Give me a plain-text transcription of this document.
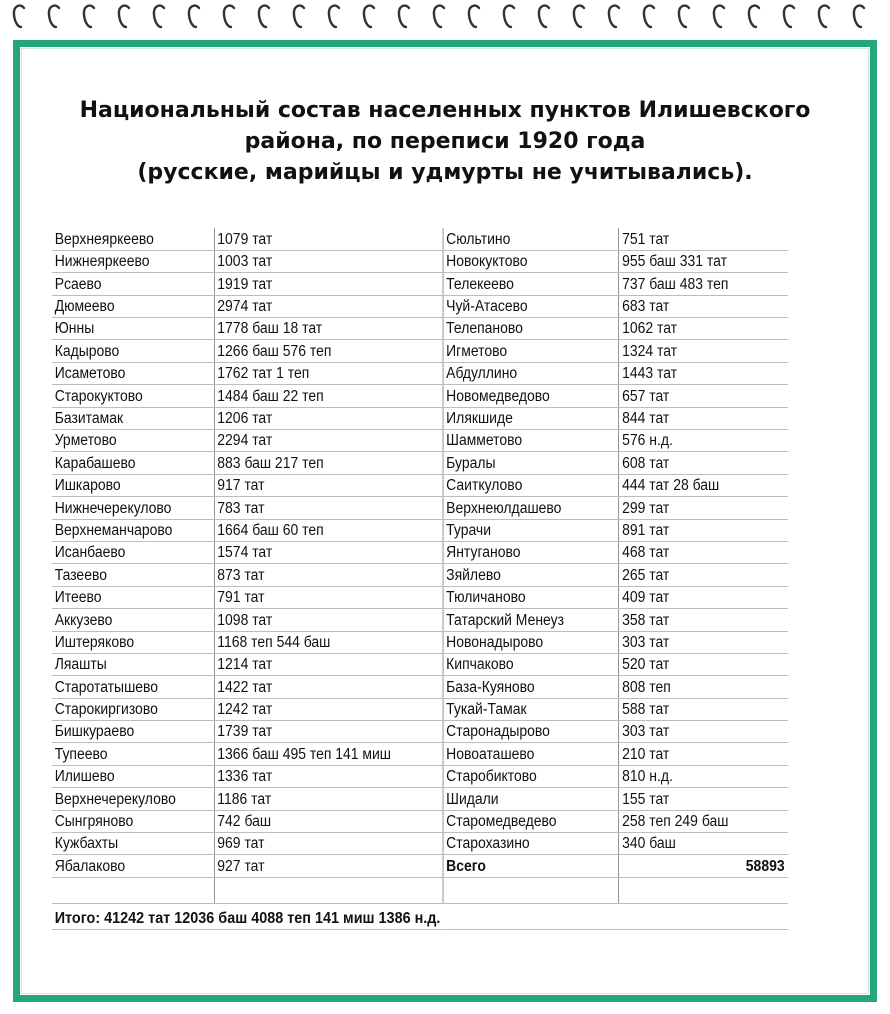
Национальный состав населенных пунктов Илишевского
района, по переписи 1920 года
(русские, марийцы и удмурты не учитывались).
Верхнеяркеево	1079 тат	Сюльтино	751 тат
Нижнеяркеево	1003 тат	Новокуктово	955 баш 331 тат
Рсаево	1919 тат	Телекеево	737 баш 483 теп
Дюмеево	2974 тат	Чуй-Атасево	683 тат
Юнны	1778 баш 18 тат	Телепаново	1062 тат
Кадырово	1266 баш 576 теп	Игметово	1324 тат
Исаметово	1762 тат 1 теп	Абдуллино	1443 тат
Старокуктово	1484 баш 22 теп	Новомедведово	657 тат
Базитамак	1206 тат	Илякшиде	844 тат
Урметово	2294 тат	Шамметово	576 н.д.
Карабашево	883 баш 217 теп	Буралы	608 тат
Ишкарово	917 тат	Саиткулово	444 тат 28 баш
Нижнечерекулово	783 тат	Верхнеюлдашево	299 тат
Верхнеманчарово	1664 баш 60 теп	Турачи	891 тат
Исанбаево	1574 тат	Янтуганово	468 тат
Тазеево	873 тат	Зяйлево	265 тат
Итеево	791 тат	Тюличаново	409 тат
Аккузево	1098 тат	Татарский Менеуз	358 тат
Иштеряково	1168 теп 544 баш	Новонадырово	303 тат
Ляашты	1214 тат	Кипчаково	520 тат
Старотатышево	1422 тат	База-Куяново	808 теп
Старокиргизово	1242 тат	Тукай-Тамак	588 тат
Бишкураево	1739 тат	Старонадырово	303 тат
Тупеево	1366 баш 495 теп 141 миш	Новоаташево	210 тат
Илишево	1336 тат	Старобиктово	810 н.д.
Верхнечерекулово	1186 тат	Шидали	155 тат
Сынгряново	742 баш	Старомедведево	258 теп 249 баш
Кужбахты	969 тат	Старохазино	340 баш
Ябалаково	927 тат	Всего	58893

Итого: 41242 тат 12036 баш 4088 теп 141 миш 1386 н.д.			
